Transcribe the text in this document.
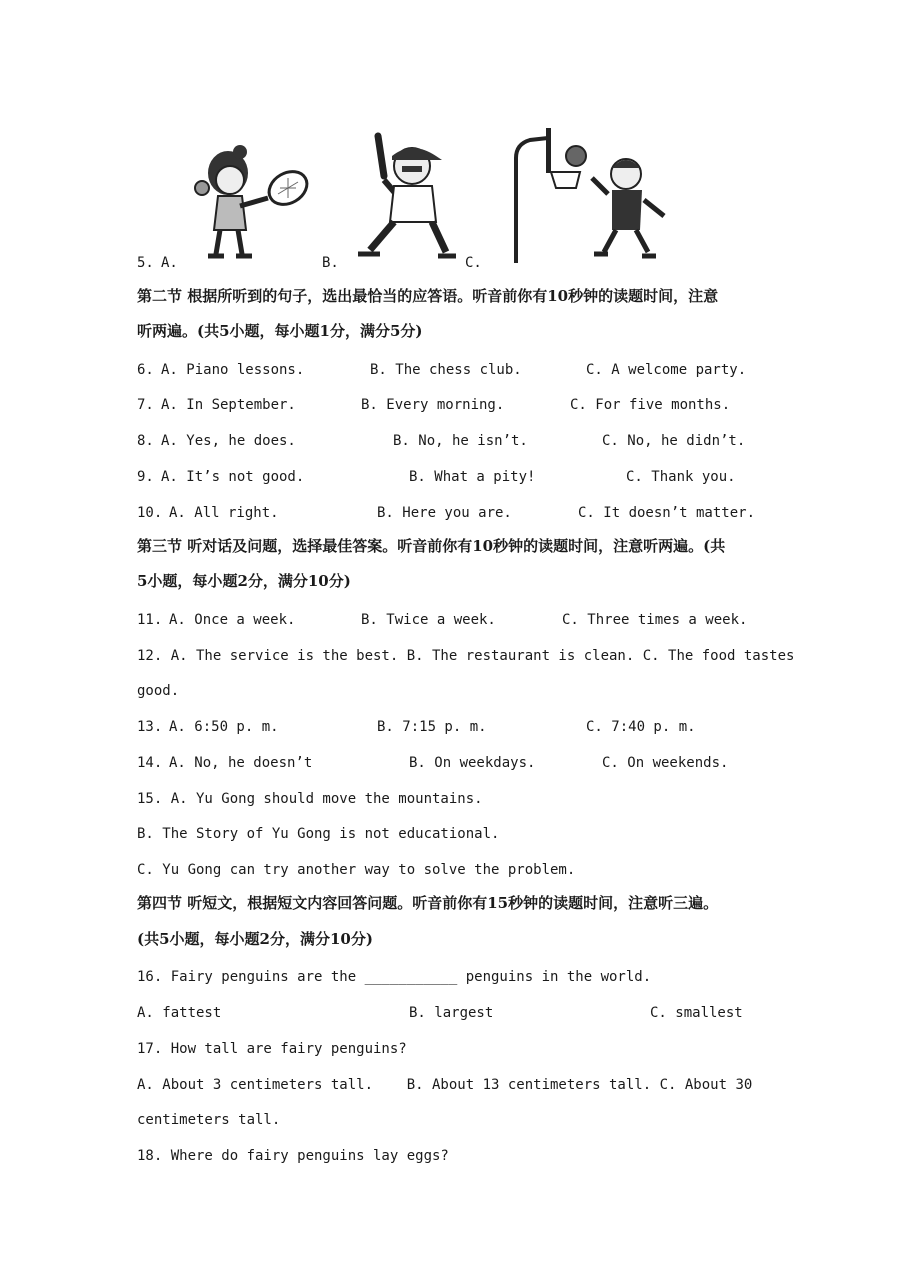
5. A.	B.	C.
第二节 根据所听到的句子，选出最恰当的应答语。听音前你有10秒钟的读题时间，注意
听两遍。(共5小题，每小题1分，满分5分)
6. A. Piano lessons.	B. The chess club.	C. A welcome party.
7. A. In September.	B. Every morning.	C. For five months.
8. A. Yes, he does.	B. No, he isn’t.	C. No, he didn’t.
9. A. It’s not good.	B. What a pity!	C. Thank you.
10. A. All right.	B. Here you are.	C. It doesn’t matter.
第三节 听对话及问题，选择最佳答案。听音前你有10秒钟的读题时间，注意听两遍。(共
5小题，每小题2分，满分10分)
11. A. Once a week.	B. Twice a week.	C. Three times a week.
12. A. The service is the best. B. The restaurant is clean. C. The food tastes
good.
13. A. 6:50 p. m.	B. 7:15 p. m.	C. 7:40 p. m.
14. A. No, he doesn’t	B. On weekdays.	C. On weekends.
15. A. Yu Gong should move the mountains.
B. The Story of Yu Gong is not educational.
C. Yu Gong can try another way to solve the problem.
第四节 听短文，根据短文内容回答问题。听音前你有15秒钟的读题时间，注意听三遍。
(共5小题，每小题2分，满分10分)
16. Fairy penguins are the ___________ penguins in the world.
A. fattest	B. largest	C. smallest
17. How tall are fairy penguins?
A. About 3 centimeters tall.    B. About 13 centimeters tall. C. About 30
centimeters tall.
18. Where do fairy penguins lay eggs?
